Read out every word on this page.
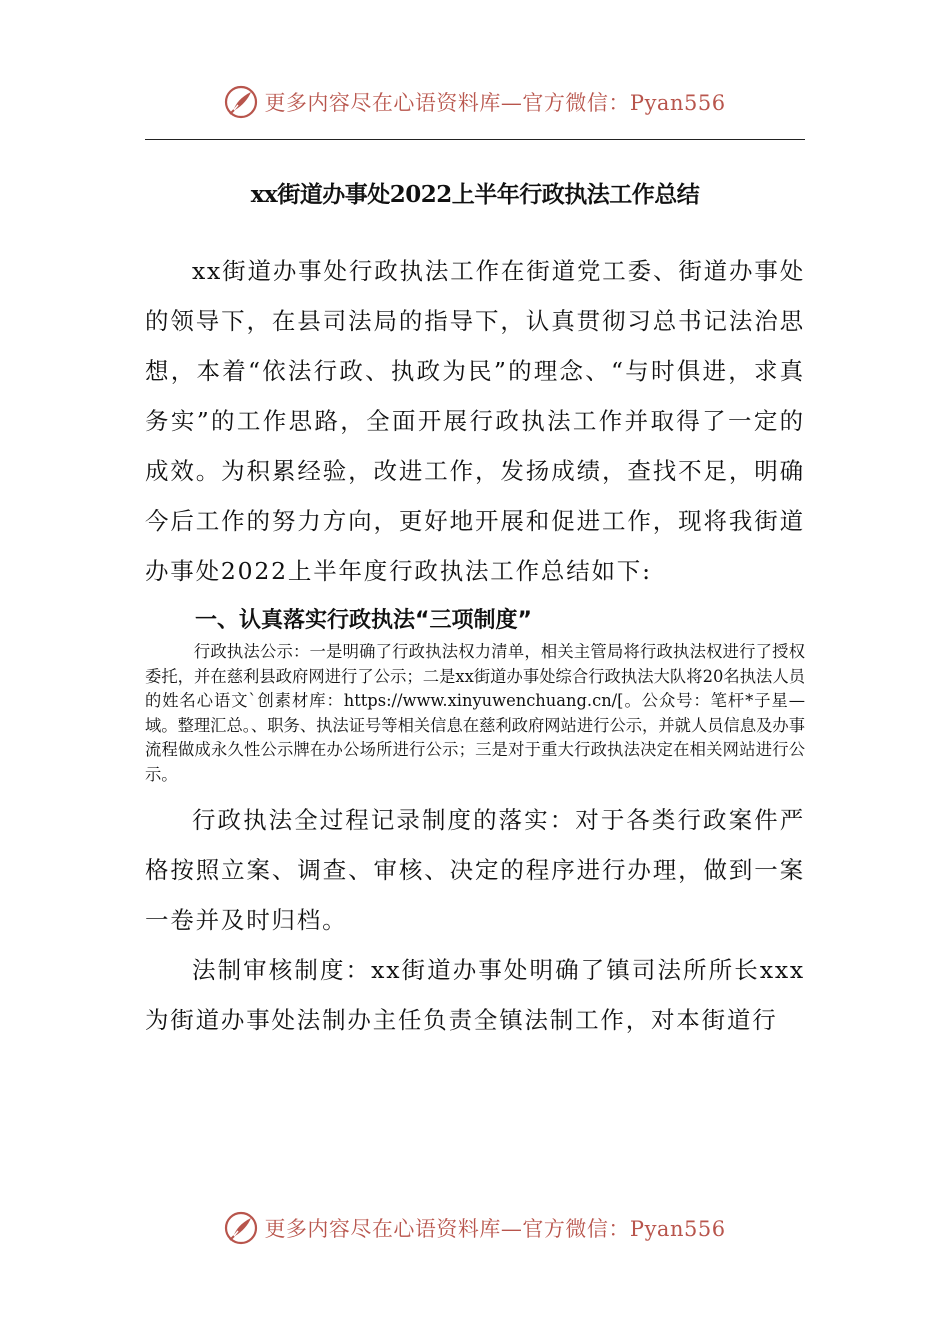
更多内容尽在心语资料库—官方微信：Pyan556
xx街道办事处2022上半年行政执法工作总结

xx街道办事处行政执法工作在街道党工委、街道办事处的领导下，在县司法局的指导下，认真贯彻习总书记法治思想，本着“依法行政、执政为民”的理念、“与时俱进，求真务实”的工作思路，全面开展行政执法工作并取得了一定的成效。为积累经验，改进工作，发扬成绩，查找不足，明确今后工作的努力方向，更好地开展和促进工作，现将我街道办事处2022上半年度行政执法工作总结如下:

一、认真落实行政执法“三项制度”

行政执法公示：一是明确了行政执法权力清单，相关主管局将行政执法权进行了授权委托，并在慈利县政府网进行了公示；二是xx街道办事处综合行政执法大队将20名执法人员的姓名心语文`创素材库：https://www.xinyuwenchuang.cn/[。公众号：笔杆*子星—域。整理汇总。、职务、执法证号等相关信息在慈利政府网站进行公示，并就人员信息及办事流程做成永久性公示牌在办公场所进行公示；三是对于重大行政执法决定在相关网站进行公示。

行政执法全过程记录制度的落实：对于各类行政案件严格按照立案、调查、审核、决定的程序进行办理，做到一案一卷并及时归档。

法制审核制度：xx街道办事处明确了镇司法所所长xxx为街道办事处法制办主任负责全镇法制工作，对本街道行

更多内容尽在心语资料库—官方微信：Pyan556
